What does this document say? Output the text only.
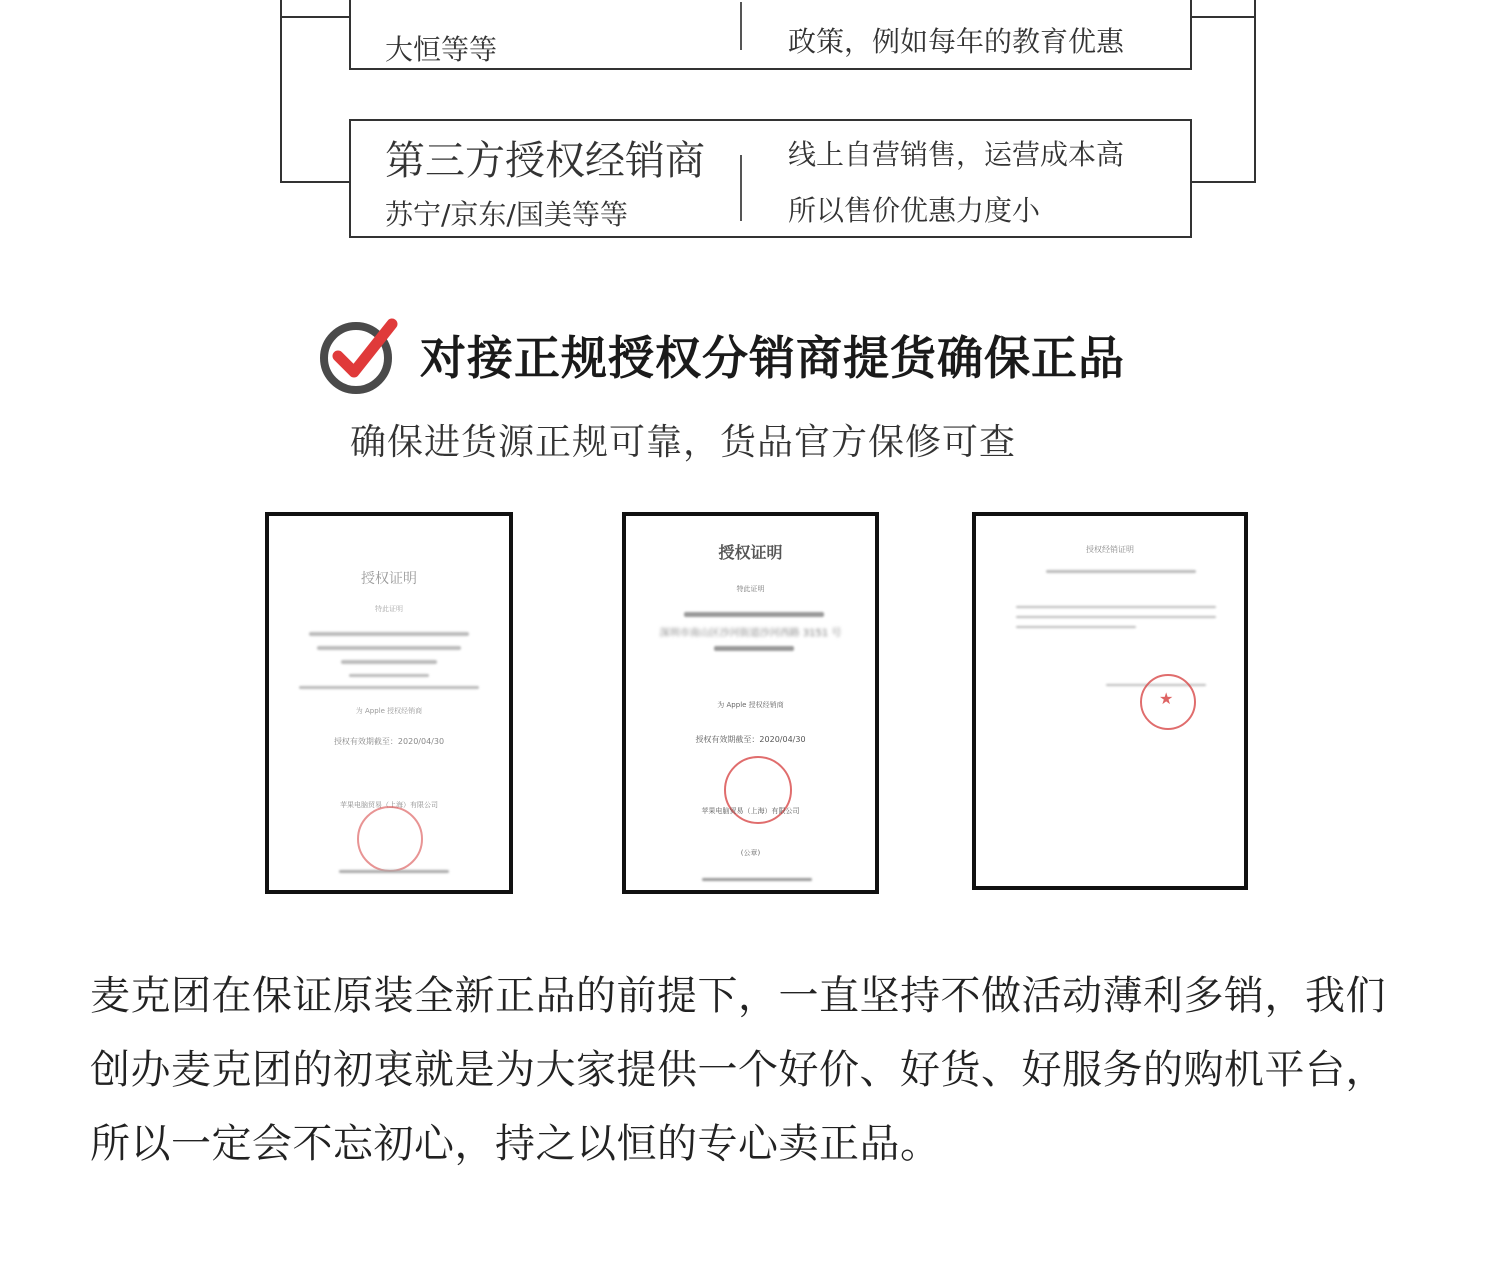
大恒等等	政策，例如每年的教育优惠
第三方授权经销商
苏宁/京东/国美等等
线上自营销售，运营成本高
所以售价优惠力度小
对接正规授权分销商提货确保正品
确保进货源正规可靠，货品官方保修可查
授权证明
特此证明
为 Apple 授权经销商
授权有效期截至：2020/04/30
苹果电脑贸易（上海）有限公司
授权证明
特此证明
深圳市南山区沙河街道沙河西路 3151 号
为 Apple 授权经销商
授权有效期截至：2020/04/30
苹果电脑贸易（上海）有限公司
(公章)
授权经销证明
★
麦克团在保证原装全新正品的前提下，一直坚持不做活动薄利多销，我们
创办麦克团的初衷就是为大家提供一个好价、好货、好服务的购机平台，
所以一定会不忘初心，持之以恒的专心卖正品。
